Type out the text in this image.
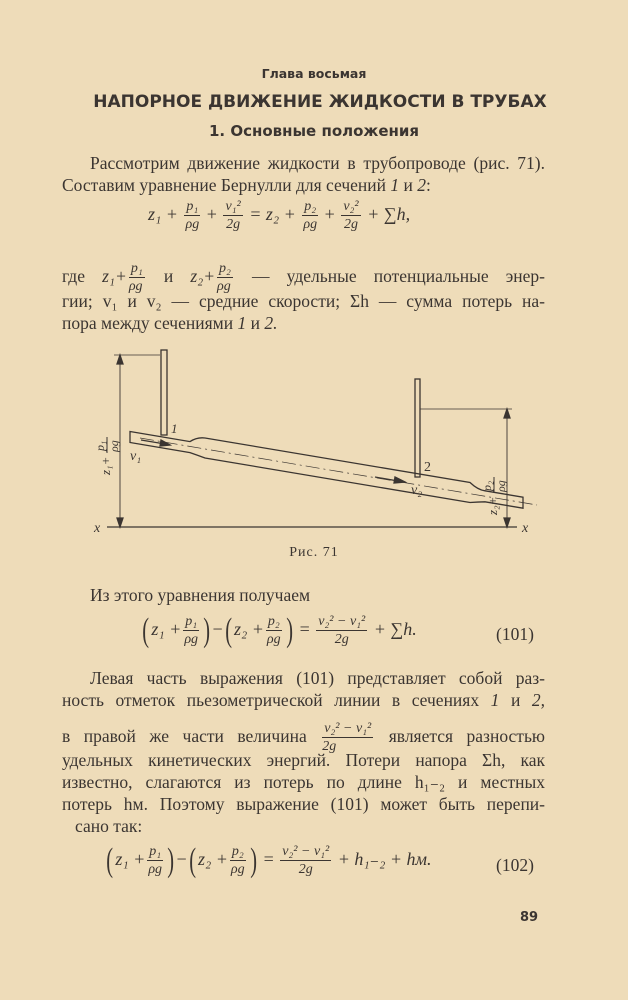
Глава восьмая
НАПОРНОЕ ДВИЖЕНИЕ ЖИДКОСТИ В ТРУБАХ
1. Основные положения
Рассмотрим движение жидкости в трубопроводе (рис. 71).
Составим уравнение Бернулли для сечений 1 и 2:
$z_1 + \frac{\text{p₁}}{\rho g} + \frac{\text{v₁²}}{2g} = z_2 + \frac{\text{p₂}}{\rho g} + \frac{\text{v₂²}}{2g} + \sum h$,
где $z_1+ \frac{\text{p₁}}{\rho g}$ и $z_2+ \frac{\text{p₂}}{\rho g}$ — удельные потенциальные энер-
гии; v₁ и v₂ — средние скорости; Σh — сумма потерь на-
пора между сечениями 1 и 2.
1
2
v₁
v₂
x	x
z₁+
p₁ ρg
z₂+
p₂ ρg
Рис. 71
Из этого уравнения получаем
( $z_1 + \frac{\text{p₁}}{\rho g}$ ) −( $z_2 + \frac{\text{p₂}}{\rho g}$ ) = $\frac{\text{v₂² − v₁²}}{2g} + \sum h$.	(101)
Левая часть выражения (101) представляет собой раз-
ность отметок пьезометрической линии в сечениях 1 и 2,
в правой же части величина $\frac{\text{v₂² − v₁²}}{2g}$ является разностью
удельных кинетических энергий. Потери напора Σh, как
известно, слагаются из потерь по длине h₁₋₂ и местных
потерь hм. Поэтому выражение (101) может быть перепи-
сано так:
( $z_1 + \frac{\text{p₁}}{\rho g}$ ) −( $z_2 + \frac{\text{p₂}}{\rho g}$ ) = $\frac{\text{v₂² − v₁²}}{2g} + h_{1-2}$ + hм.	(102)
89
